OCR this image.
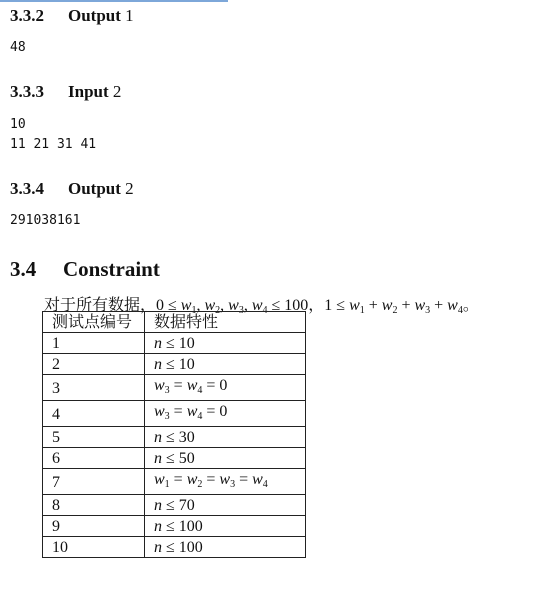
3.3.2 Output 1
48
3.3.3 Input 2
10
11 21 31 41
3.3.4 Output 2
291038161
3.4 Constraint
对于所有数据，$0 \le w_1$, $w_2$, $w_3$, $w_4 \le 100$，$1 \le w_1 + w_2 + w_3 + w_4$。
测试点编号	数据特性
1	n ≤ 10
2	n ≤ 10
3	$w_3 = w_4 = 0$
4	$w_3 = w_4 = 0$
5	n ≤ 30
6	n ≤ 50
7	$w_1 = w_2 = w_3 = w_4$
8	n ≤ 70
9	n ≤ 100
10	n ≤ 100
